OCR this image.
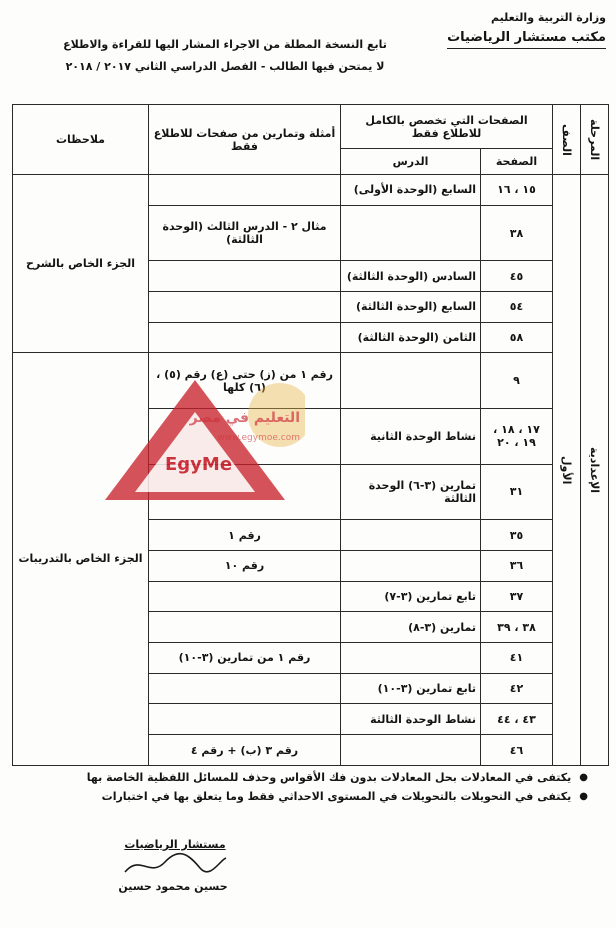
وزارة التربية والتعليم
مكتب مستشار الرياضيات
تابع النسخة المطلة من الاجراء المشار اليها للقراءة والاطلاع
لا يمتحن فيها الطالب - الفصل الدراسي الثاني ٢٠١٧ / ٢٠١٨
المرحلة	الصف	الصفحات التي تخصص بالكامل للاطلاع فقط		أمثلة وتمارين من صفحات للاطلاع فقط	ملاحظات	
		الصفحة	الدرس			

الإعدادية	الأول	١٥ ، ١٦	السابع (الوحدة الأولى)		الجزء الخاص بالشرح	
		٣٨		مثال ٢ - الدرس الثالث (الوحدة الثالثة)		
		٤٥	السادس (الوحدة الثالثة)			
		٥٤	السابع (الوحدة الثالثة)			
		٥٨	الثامن (الوحدة الثالثة)			
		٩		رقم ١ من (ز) حتى (ع) رقم (٥) ، (٦) كلها	الجزء الخاص بالتدريبات	
		١٧ ، ١٨ ، ١٩ ، ٢٠	نشاط الوحدة الثانية			
		٣١	تمارين (٣-٦) الوحدة الثالثة			
		٣٥		رقم ١		
		٣٦		رقم ١٠		
		٣٧	تابع تمارين (٣-٧)			
		٣٨ ، ٣٩	تمارين (٣-٨)			
		٤١		رقم ١ من تمارين (٣-١٠)		
		٤٢	تابع تمارين (٣-١٠)			
		٤٣ ، ٤٤	نشاط الوحدة الثالثة			
		٤٦		رقم ٣ (ب) + رقم ٤		
EgyMe
التعليم في مصر
www.egymoe.com
●
يكتفى في المعادلات بحل المعادلات بدون فك الأقواس وحذف للمسائل اللفظية الخاصة بها
●
يكتفى في التحويلات بالتحويلات في المستوى الاحداثي فقط وما يتعلق بها في اختبارات
مستشار الرياضيات
حسين محمود حسين
